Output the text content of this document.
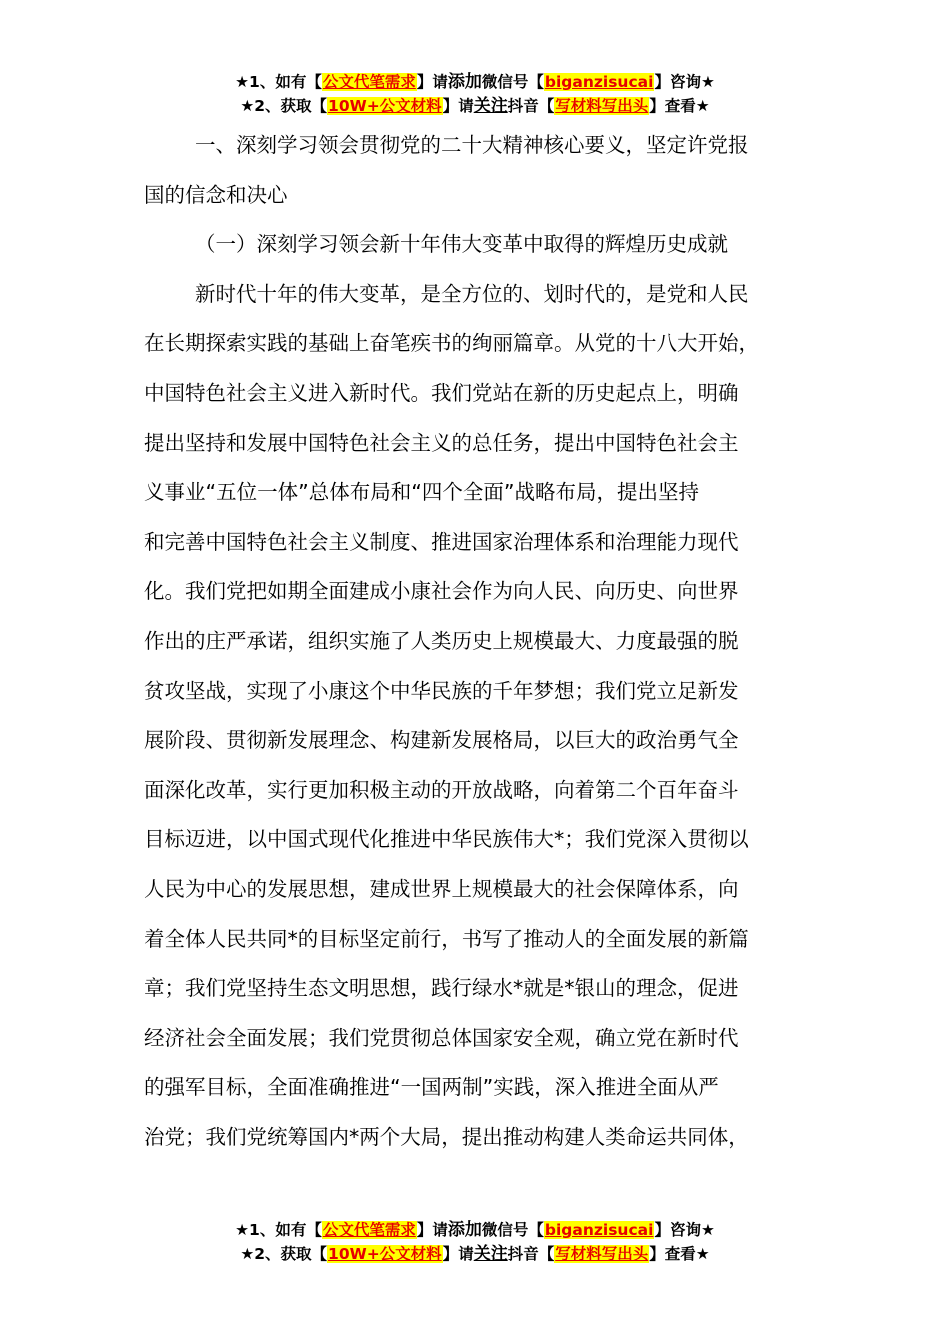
★1、如有【公文代笔需求】请添加微信号【biganzisucai】咨询★
★2、获取【10W+公文材料】请关注抖音【写材料写出头】查看★

一、深刻学习领会贯彻党的二十大精神核心要义，坚定许党报
国的信念和决心

（一）深刻学习领会新十年伟大变革中取得的辉煌历史成就

新时代十年的伟大变革，是全方位的、划时代的，是党和人民
在长期探索实践的基础上奋笔疾书的绚丽篇章。从党的十八大开始，
中国特色社会主义进入新时代。我们党站在新的历史起点上，明确
提出坚持和发展中国特色社会主义的总任务，提出中国特色社会主
义事业“五位一体”总体布局和“四个全面”战略布局，提出坚持
和完善中国特色社会主义制度、推进国家治理体系和治理能力现代
化。我们党把如期全面建成小康社会作为向人民、向历史、向世界
作出的庄严承诺，组织实施了人类历史上规模最大、力度最强的脱
贫攻坚战，实现了小康这个中华民族的千年梦想；我们党立足新发
展阶段、贯彻新发展理念、构建新发展格局，以巨大的政治勇气全
面深化改革，实行更加积极主动的开放战略，向着第二个百年奋斗
目标迈进，以中国式现代化推进中华民族伟大*；我们党深入贯彻以
人民为中心的发展思想，建成世界上规模最大的社会保障体系，向
着全体人民共同*的目标坚定前行，书写了推动人的全面发展的新篇
章；我们党坚持生态文明思想，践行绿水*就是*银山的理念，促进
经济社会全面发展；我们党贯彻总体国家安全观，确立党在新时代
的强军目标，全面准确推进“一国两制”实践，深入推进全面从严
治党；我们党统筹国内*两个大局，提出推动构建人类命运共同体，

★1、如有【公文代笔需求】请添加微信号【biganzisucai】咨询★
★2、获取【10W+公文材料】请关注抖音【写材料写出头】查看★
